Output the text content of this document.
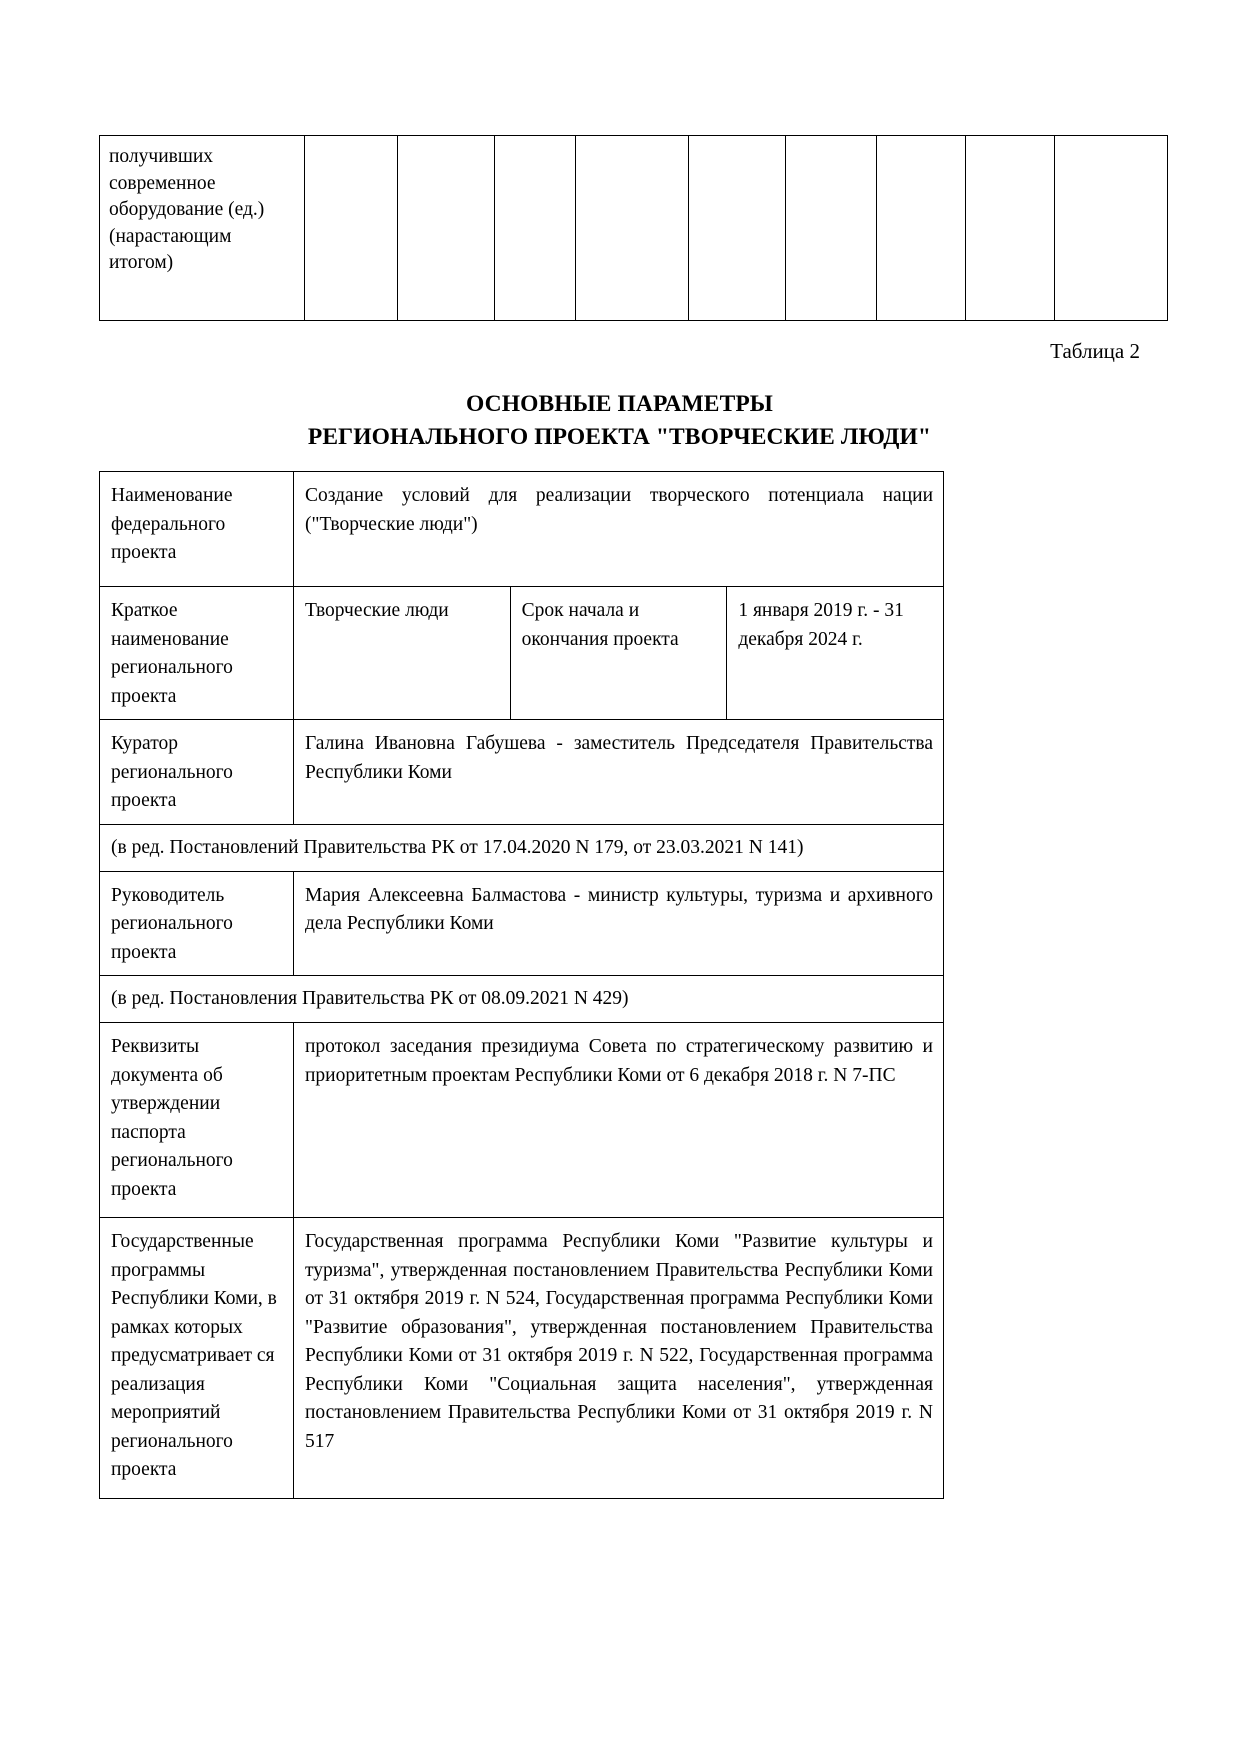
получивших современное оборудование (ед.) (нарастающим итогом)									
Таблица 2
ОСНОВНЫЕ ПАРАМЕТРЫ
РЕГИОНАЛЬНОГО ПРОЕКТА "ТВОРЧЕСКИЕ ЛЮДИ"
Наименование федерального проекта	Создание условий для реализации творческого потенциала нации ("Творческие люди")		
Краткое наименование регионального проекта	Творческие люди	Срок начала и окончания проекта	1 января 2019 г. - 31 декабря 2024 г.
Куратор регионального проекта	Галина Ивановна Габушева - заместитель Председателя Правительства Республики Коми		
(в ред. Постановлений Правительства РК от 17.04.2020 N 179, от 23.03.2021 N 141)			
Руководитель регионального проекта	Мария Алексеевна Балмастова - министр культуры, туризма и архивного дела Республики Коми		
(в ред. Постановления Правительства РК от 08.09.2021 N 429)			
Реквизиты документа об утверждении паспорта регионального проекта	протокол заседания президиума Совета по стратегическому развитию и приоритетным проектам Республики Коми от 6 декабря 2018 г. N 7-ПС		
Государственные программы Республики Коми, в рамках которых предусматривает ся реализация мероприятий регионального проекта	Государственная программа Республики Коми "Развитие культуры и туризма", утвержденная постановлением Правительства Республики Коми от 31 октября 2019 г. N 524, Государственная программа Республики Коми "Развитие образования", утвержденная постановлением Правительства Республики Коми от 31 октября 2019 г. N 522, Государственная программа Республики Коми "Социальная защита населения", утвержденная постановлением Правительства Республики Коми от 31 октября 2019 г. N 517		
